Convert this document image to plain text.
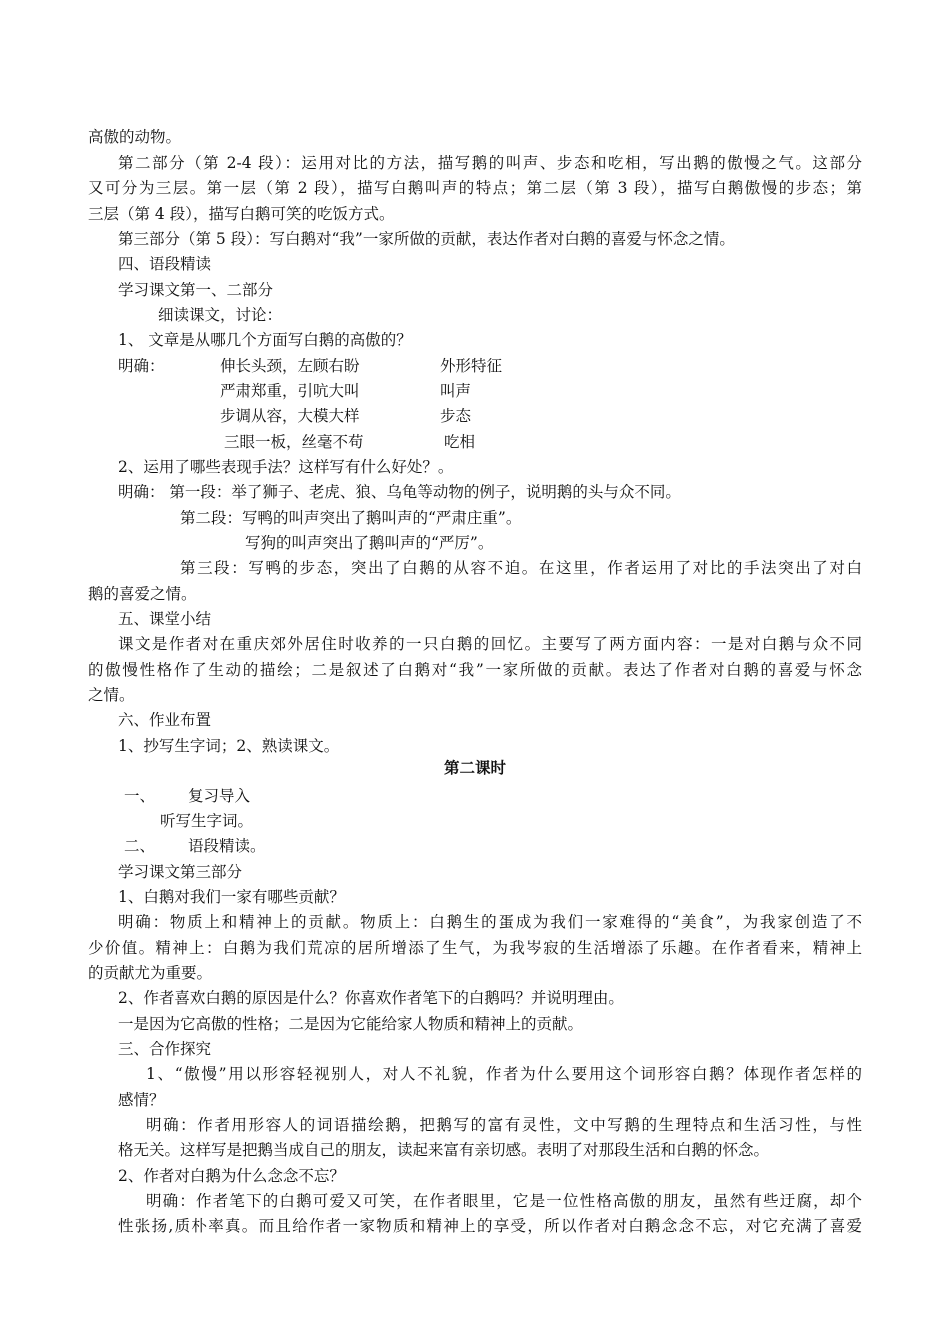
高傲的动物。
第二部分（第 2-4 段）：运用对比的方法，描写鹅的叫声、步态和吃相，写出鹅的傲慢之气。这部分
又可分为三层。第一层（第 2 段），描写白鹅叫声的特点；第二层（第 3 段），描写白鹅傲慢的步态；第
三层（第 4 段），描写白鹅可笑的吃饭方式。
第三部分（第 5 段）：写白鹅对“我”一家所做的贡献，表达作者对白鹅的喜爱与怀念之情。
四、语段精读
学习课文第一、二部分
细读课文，讨论：
1、 文章是从哪几个方面写白鹅的高傲的？
明确：	伸长头颈，左顾右盼	外形特征
严肃郑重，引吭大叫	叫声
步调从容，大模大样	步态
三眼一板，丝毫不苟	吃相
2、运用了哪些表现手法？这样写有什么好处？。
明确： 第一段：举了狮子、老虎、狼、乌龟等动物的例子，说明鹅的头与众不同。
第二段：写鸭的叫声突出了鹅叫声的“严肃庄重”。
写狗的叫声突出了鹅叫声的“严厉”。
第三段：写鸭的步态，突出了白鹅的从容不迫。在这里，作者运用了对比的手法突出了对白
鹅的喜爱之情。
五、课堂小结
课文是作者对在重庆郊外居住时收养的一只白鹅的回忆。主要写了两方面内容：一是对白鹅与众不同
的傲慢性格作了生动的描绘；二是叙述了白鹅对“我”一家所做的贡献。表达了作者对白鹅的喜爱与怀念
之情。
六、作业布置
1、抄写生字词；2、熟读课文。
第二课时
一、 复习导入
听写生字词。
二、 语段精读。
学习课文第三部分
1、白鹅对我们一家有哪些贡献？
明确：物质上和精神上的贡献。物质上：白鹅生的蛋成为我们一家难得的“美食”，为我家创造了不
少价值。精神上：白鹅为我们荒凉的居所增添了生气，为我岑寂的生活增添了乐趣。在作者看来，精神上
的贡献尤为重要。
2、作者喜欢白鹅的原因是什么？你喜欢作者笔下的白鹅吗？并说明理由。
一是因为它高傲的性格；二是因为它能给家人物质和精神上的贡献。
三、合作探究
1、“傲慢”用以形容轻视别人，对人不礼貌，作者为什么要用这个词形容白鹅？体现作者怎样的
感情？
明确：作者用形容人的词语描绘鹅，把鹅写的富有灵性，文中写鹅的生理特点和生活习性，与性
格无关。这样写是把鹅当成自己的朋友，读起来富有亲切感。表明了对那段生活和白鹅的怀念。
2、作者对白鹅为什么念念不忘？
明确：作者笔下的白鹅可爱又可笑，在作者眼里，它是一位性格高傲的朋友，虽然有些迂腐，却个
性张扬,质朴率真。而且给作者一家物质和精神上的享受，所以作者对白鹅念念不忘，对它充满了喜爱
